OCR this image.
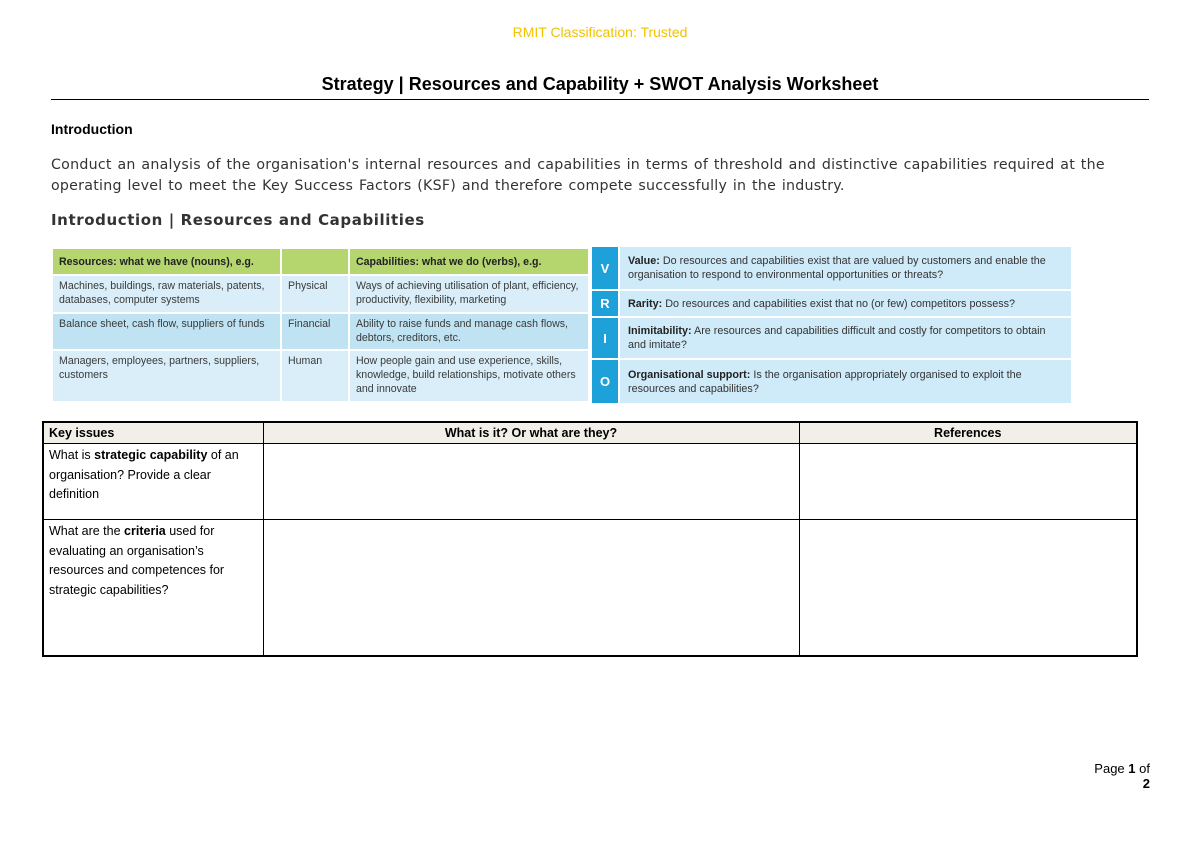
RMIT Classification: Trusted
Strategy | Resources and Capability + SWOT Analysis Worksheet
Introduction
Conduct an analysis of the organisation's internal resources and capabilities in terms of threshold and distinctive capabilities required at the operating level to meet the Key Success Factors (KSF) and therefore compete successfully in the industry.
Introduction | Resources and Capabilities
Resources: what we have (nouns), e.g.		Capabilities: what we do (verbs), e.g.
Machines, buildings, raw materials, patents, databases, computer systems	Physical	Ways of achieving utilisation of plant, efficiency, productivity, flexibility, marketing
Balance sheet, cash flow, suppliers of funds	Financial	Ability to raise funds and manage cash flows, debtors, creditors, etc.
Managers, employees, partners, suppliers, customers	Human	How people gain and use experience, skills, knowledge, build relationships, motivate others and innovate
V	Value: Do resources and capabilities exist that are valued by customers and enable the organisation to respond to environmental opportunities or threats?
R	Rarity: Do resources and capabilities exist that no (or few) competitors possess?
I	Inimitability: Are resources and capabilities difficult and costly for competitors to obtain and imitate?
O	Organisational support: Is the organisation appropriately organised to exploit the resources and capabilities?
Key issues	What is it? Or what are they?	References
What is strategic capability of an organisation? Provide a clear definition		
What are the criteria used for evaluating an organisation’s resources and competences for strategic capabilities?		
Page 1 of 2
